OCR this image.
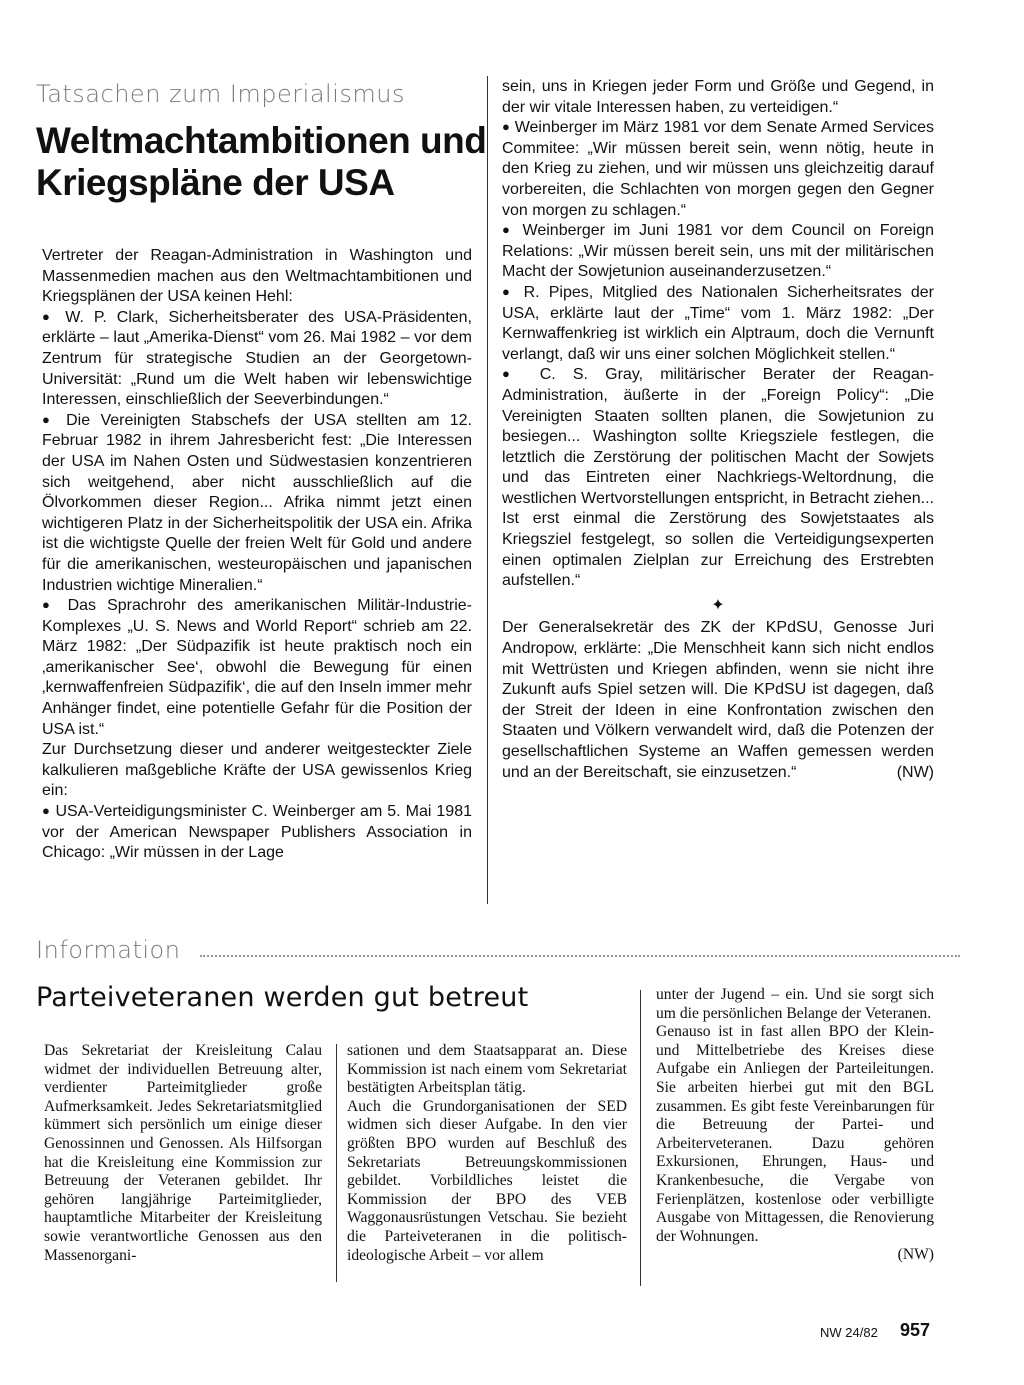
Tatsachen zum Imperialismus
Weltmachtambitionen und Kriegspläne der USA

Vertreter der Reagan-Administration in Washington und Massenmedien machen aus den Weltmachtambitionen und Kriegsplänen der USA keinen Hehl:

● W. P. Clark, Sicherheitsberater des USA-Präsidenten, erklärte – laut „Amerika-Dienst“ vom 26. Mai 1982 – vor dem Zentrum für strategische Studien an der Georgetown-Universität: „Rund um die Welt haben wir lebenswichtige Interessen, einschließlich der Seeverbindungen.“

● Die Vereinigten Stabschefs der USA stellten am 12. Februar 1982 in ihrem Jahresbericht fest: „Die Interessen der USA im Nahen Osten und Südwestasien konzentrieren sich weitgehend, aber nicht ausschließlich auf die Ölvorkommen dieser Region... Afrika nimmt jetzt einen wichtigeren Platz in der Sicherheitspolitik der USA ein. Afrika ist die wichtigste Quelle der freien Welt für Gold und andere für die amerikanischen, westeuropäischen und japanischen Industrien wichtige Mineralien.“

● Das Sprachrohr des amerikanischen Militär-Industrie-Komplexes „U. S. News and World Report“ schrieb am 22. März 1982: „Der Südpazifik ist heute praktisch noch ein ‚amerikanischer See‘, obwohl die Bewegung für einen ‚kernwaffenfreien Südpazifik‘, die auf den Inseln immer mehr Anhänger findet, eine potentielle Gefahr für die Position der USA ist.“

Zur Durchsetzung dieser und anderer weitgesteckter Ziele kalkulieren maßgebliche Kräfte der USA gewissenlos Krieg ein:

● USA-Verteidigungsminister C. Weinberger am 5. Mai 1981 vor der American Newspaper Publishers Association in Chicago: „Wir müssen in der Lage

sein, uns in Kriegen jeder Form und Größe und Gegend, in der wir vitale Interessen haben, zu verteidigen.“

● Weinberger im März 1981 vor dem Senate Armed Services Commitee: „Wir müssen bereit sein, wenn nötig, heute in den Krieg zu ziehen, und wir müssen uns gleichzeitig darauf vorbereiten, die Schlachten von morgen gegen den Gegner von morgen zu schlagen.“

● Weinberger im Juni 1981 vor dem Council on Foreign Relations: „Wir müssen bereit sein, uns mit der militärischen Macht der Sowjetunion auseinanderzusetzen.“

● R. Pipes, Mitglied des Nationalen Sicherheitsrates der USA, erklärte laut der „Time“ vom 1. März 1982: „Der Kernwaffenkrieg ist wirklich ein Alptraum, doch die Vernunft verlangt, daß wir uns einer solchen Möglichkeit stellen.“

● C. S. Gray, militärischer Berater der Reagan-Administration, äußerte in der „Foreign Policy“: „Die Vereinigten Staaten sollten planen, die Sowjetunion zu besiegen... Washington sollte Kriegsziele festlegen, die letztlich die Zerstörung der politischen Macht der Sowjets und das Eintreten einer Nachkriegs-Weltordnung, die westlichen Wertvorstellungen entspricht, in Betracht ziehen... Ist erst einmal die Zerstörung des Sowjetstaates als Kriegsziel festgelegt, so sollen die Verteidigungsexperten einen optimalen Zielplan zur Erreichung des Erstrebten aufstellen.“

✦

Der Generalsekretär des ZK der KPdSU, Genosse Juri Andropow, erklärte: „Die Menschheit kann sich nicht endlos mit Wettrüsten und Kriegen abfinden, wenn sie nicht ihre Zukunft aufs Spiel setzen will. Die KPdSU ist dagegen, daß der Streit der Ideen in eine Konfrontation zwischen den Staaten und Völkern verwandelt wird, daß die Potenzen der gesellschaftlichen Systeme an Waffen gemessen werden und an der Bereitschaft, sie einzusetzen.“	(NW)

Information
Parteiveteranen werden gut betreut

Das Sekretariat der Kreisleitung Calau widmet der individuellen Betreuung alter, verdienter Parteimitglieder große Aufmerksamkeit. Jedes Sekretariatsmitglied kümmert sich persönlich um einige dieser Genossinnen und Genossen. Als Hilfsorgan hat die Kreisleitung eine Kommission zur Betreuung der Veteranen gebildet. Ihr gehören langjährige Parteimitglieder, hauptamtliche Mitarbeiter der Kreisleitung sowie verantwortliche Genossen aus den Massenorgani-

sationen und dem Staatsapparat an. Diese Kommission ist nach einem vom Sekretariat bestätigten Arbeitsplan tätig.

Auch die Grundorganisationen der SED widmen sich dieser Aufgabe. In den vier größten BPO wurden auf Beschluß des Sekretariats Betreuungskommissionen gebildet. Vorbildliches leistet die Kommission der BPO des VEB Waggonausrüstungen Vetschau. Sie bezieht die Parteiveteranen in die politisch-ideologische Arbeit – vor allem

unter der Jugend – ein. Und sie sorgt sich um die persönlichen Belange der Veteranen.

Genauso ist in fast allen BPO der Klein- und Mittelbetriebe des Kreises diese Aufgabe ein Anliegen der Parteileitungen. Sie arbeiten hierbei gut mit den BGL zusammen. Es gibt feste Vereinbarungen für die Betreuung der Partei- und Arbeiterveteranen. Dazu gehören Exkursionen, Ehrungen, Haus- und Krankenbesuche, die Vergabe von Ferienplätzen, kostenlose oder verbilligte Ausgabe von Mittagessen, die Renovierung der Wohnungen.

(NW)

NW 24/82 957
